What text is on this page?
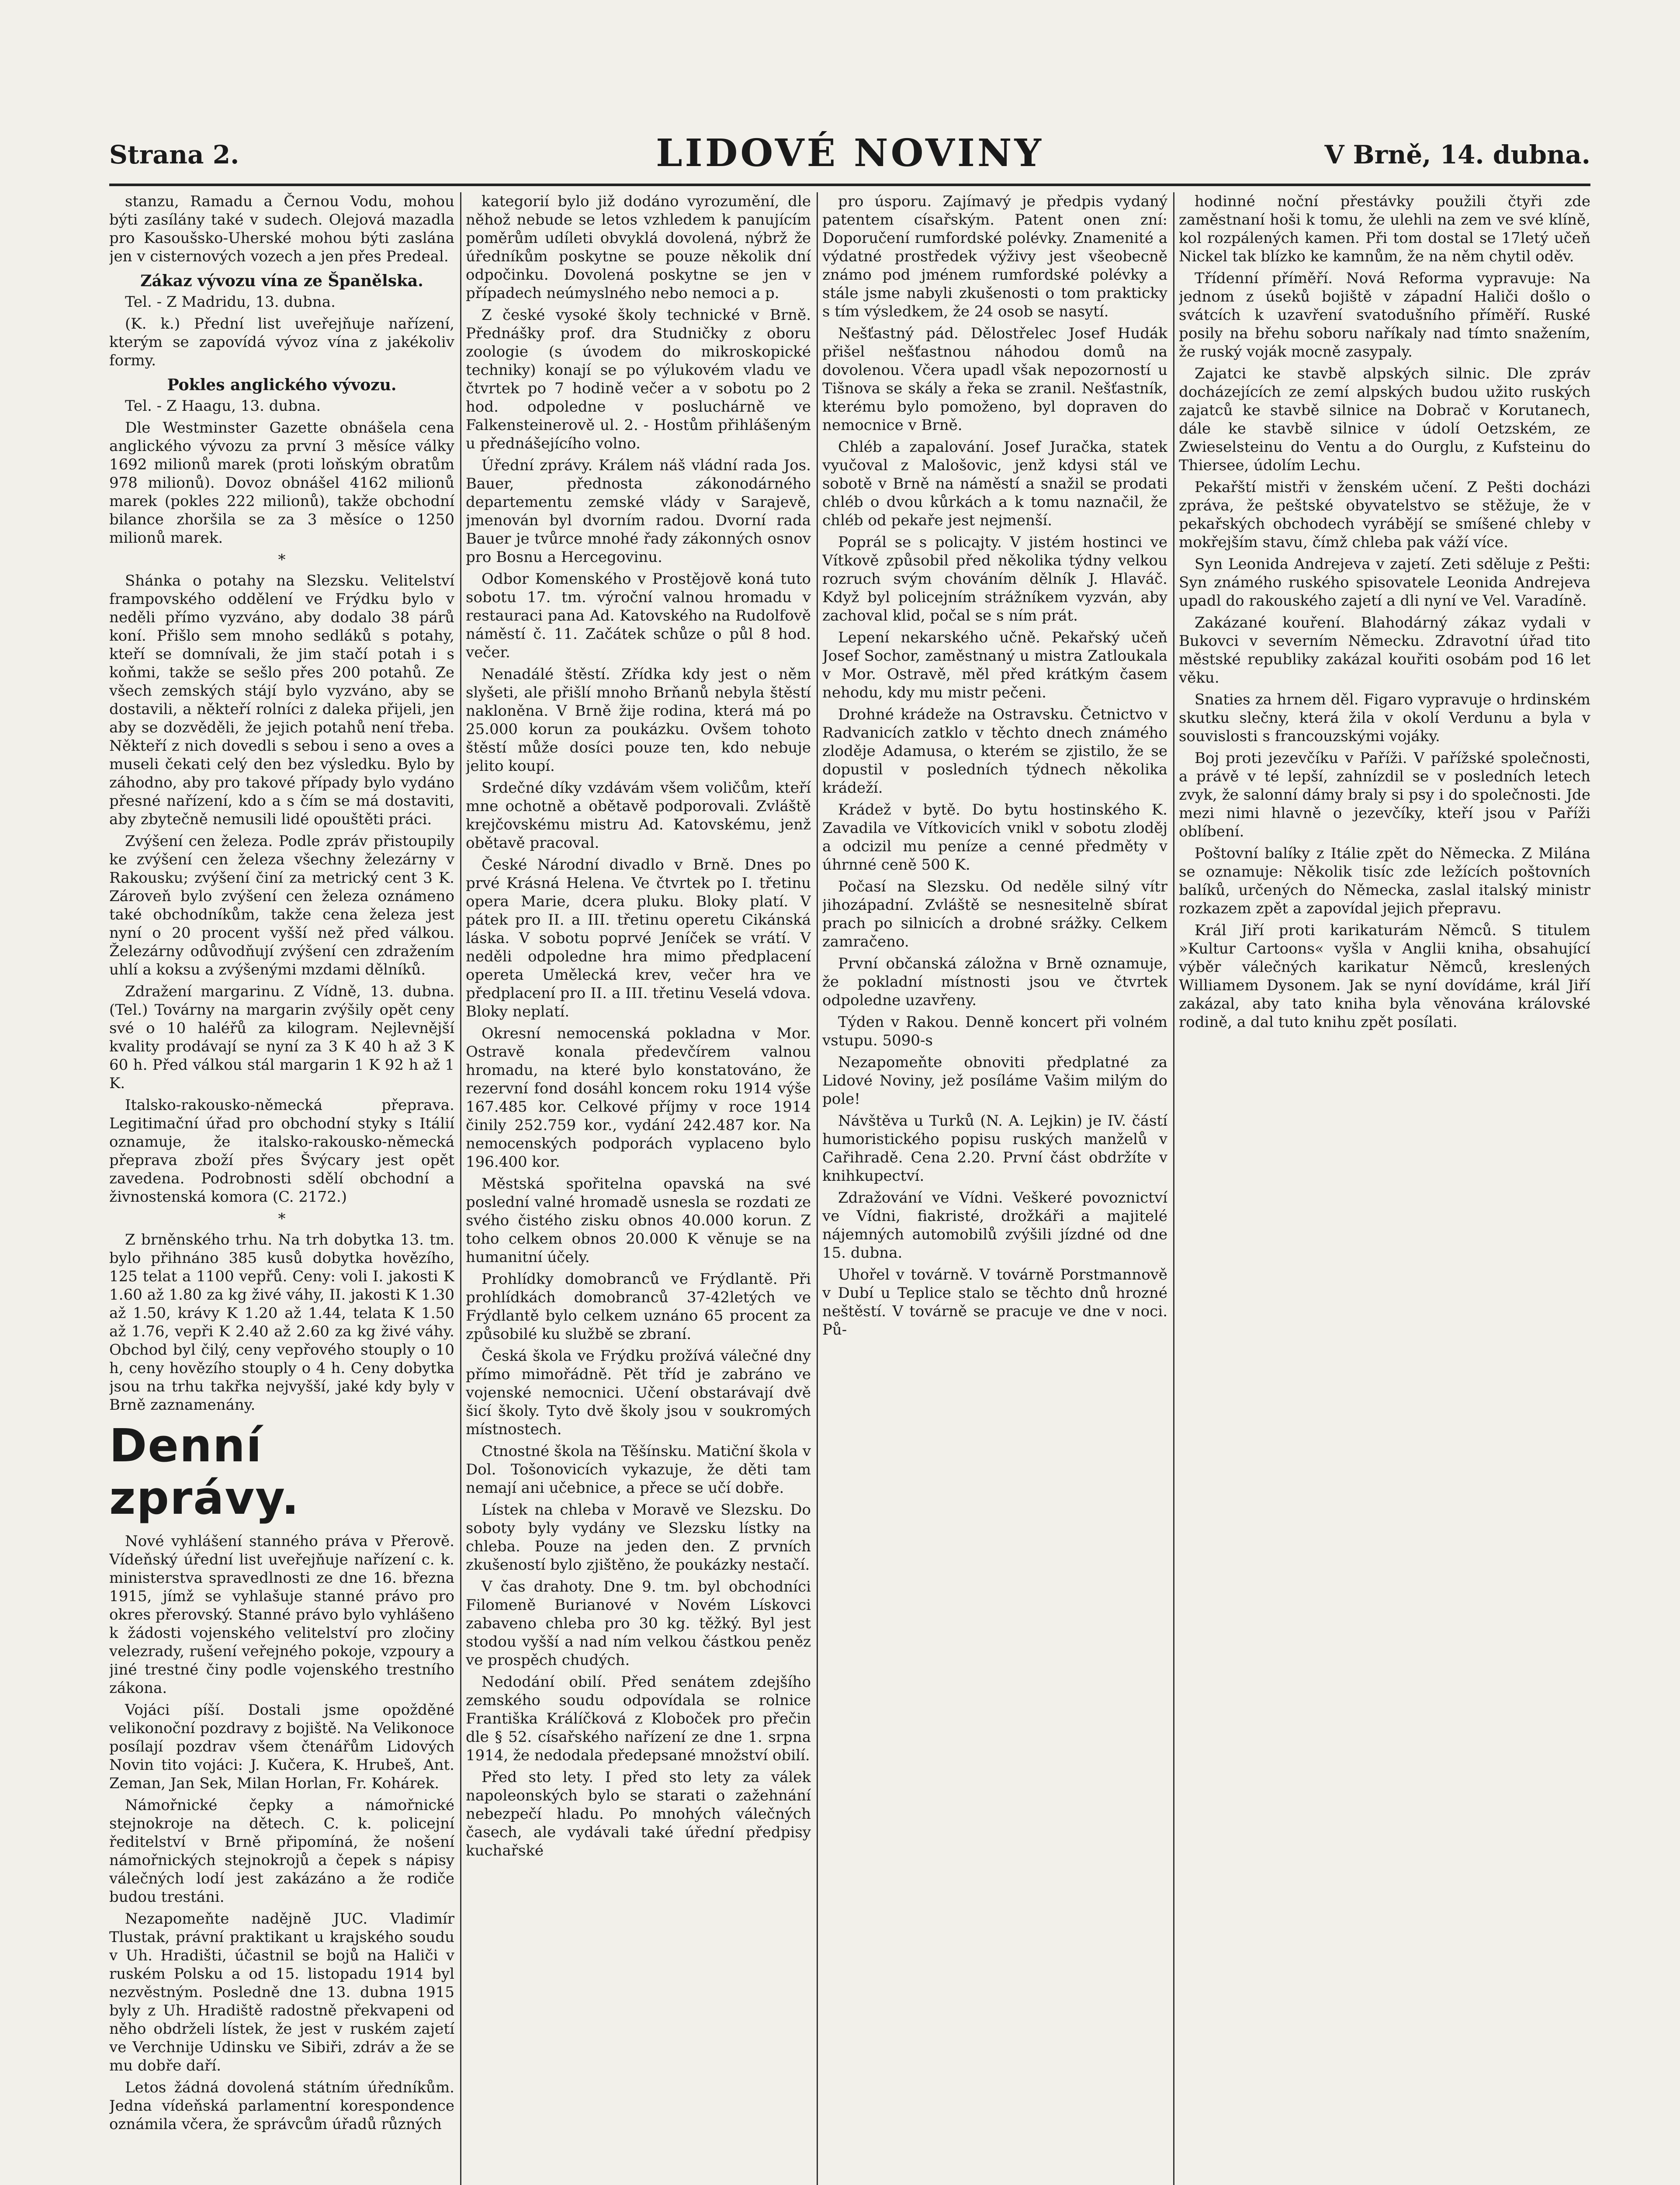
Strana 2.	LIDOVÉ NOVINY	V Brně, 14. dubna.

stanzu, Ramadu a Černou Vodu, mohou býti zasílány také v sudech. Olejová mazadla pro Kasoušsko-Uherské mohou býti zaslána jen v cisternových vozech a jen přes Predeal.

Zákaz vývozu vína ze Španělska.

Tel. - Z Madridu, 13. dubna.

(K. k.) Přední list uveřejňuje nařízení, kterým se zapovídá vývoz vína z jakékoliv formy.

Pokles anglického vývozu.

Tel. - Z Haagu, 13. dubna.

Dle Westminster Gazette obnášela cena anglického vývozu za první 3 měsíce války 1692 milionů marek (proti loňským obratům 978 milionů). Dovoz obnášel 4162 milionů marek (pokles 222 milionů), takže obchodní bilance zhoršila se za 3 měsíce o 1250 milionů marek.

*

Shánka o potahy na Slezsku. Velitelství frampovského oddělení ve Frýdku bylo v neděli přímo vyzváno, aby dodalo 38 párů koní. Přišlo sem mnoho sedláků s potahy, kteří se domnívali, že jim stačí potah i s koňmi, takže se sešlo přes 200 potahů. Ze všech zemských stájí bylo vyzváno, aby se dostavili, a někteří rolníci z daleka přijeli, jen aby se dozvěděli, že jejich potahů není třeba. Někteří z nich dovedli s sebou i seno a oves a museli čekati celý den bez výsledku. Bylo by záhodno, aby pro takové případy bylo vydáno přesné nařízení, kdo a s čím se má dostaviti, aby zbytečně nemusili lidé opouštěti práci.

Zvýšení cen železa. Podle zpráv přistoupily ke zvýšení cen železa všechny železárny v Rakousku; zvýšení činí za metrický cent 3 K. Zároveň bylo zvýšení cen železa oznámeno také obchodníkům, takže cena železa jest nyní o 20 procent vyšší než před válkou. Železárny odůvodňují zvýšení cen zdražením uhlí a koksu a zvýšenými mzdami dělníků.

Zdražení margarinu. Z Vídně, 13. dubna. (Tel.) Továrny na margarin zvýšily opět ceny své o 10 haléřů za kilogram. Nejlevnější kvality prodávají se nyní za 3 K 40 h až 3 K 60 h. Před válkou stál margarin 1 K 92 h až 1 K.

Italsko-rakousko-německá přeprava. Legitimační úřad pro obchodní styky s Itálií oznamuje, že italsko-rakousko-německá přeprava zboží přes Švýcary jest opět zavedena. Podrobnosti sdělí obchodní a živnostenská komora (C. 2172.)

*

Z brněnského trhu. Na trh dobytka 13. tm. bylo přihnáno 385 kusů dobytka hovězího, 125 telat a 1100 vepřů. Ceny: voli I. jakosti K 1.60 až 1.80 za kg živé váhy, II. jakosti K 1.30 až 1.50, krávy K 1.20 až 1.44, telata K 1.50 až 1.76, vepři K 2.40 až 2.60 za kg živé váhy. Obchod byl čilý, ceny vepřového stouply o 10 h, ceny hovězího stouply o 4 h. Ceny dobytka jsou na trhu takřka nejvyšší, jaké kdy byly v Brně zaznamenány.

Denní zprávy.

Nové vyhlášení stanného práva v Přerově. Vídeňský úřední list uveřejňuje nařízení c. k. ministerstva spravedlnosti ze dne 16. března 1915, jímž se vyhlašuje stanné právo pro okres přerovský. Stanné právo bylo vyhlášeno k žádosti vojenského velitelství pro zločiny velezrady, rušení veřejného pokoje, vzpoury a jiné trestné činy podle vojenského trestního zákona.

Vojáci píší. Dostali jsme opožděné velikonoční pozdravy z bojiště. Na Velikonoce posílají pozdrav všem čtenářům Lidových Novin tito vojáci: J. Kučera, K. Hrubeš, Ant. Zeman, Jan Sek, Milan Horlan, Fr. Kohárek.

Námořnické čepky a námořnické stejnokroje na dětech. C. k. policejní ředitelství v Brně připomíná, že nošení námořnických stejnokrojů a čepek s nápisy válečných lodí jest zakázáno a že rodiče budou trestáni.

Nezapomeňte nadějně JUC. Vladimír Tlustak, právní praktikant u krajského soudu v Uh. Hradišti, účastnil se bojů na Haliči v ruském Polsku a od 15. listopadu 1914 byl nezvěstným. Posledně dne 13. dubna 1915 byly z Uh. Hradiště radostně překvapeni od něho obdrželi lístek, že jest v ruském zajetí ve Verchnije Udinsku ve Sibiři, zdráv a že se mu dobře daří.

Letos žádná dovolená státním úředníkům. Jedna vídeňská parlamentní korespondence oznámila včera, že správcům úřadů různých

kategorií bylo již dodáno vyrozumění, dle něhož nebude se letos vzhledem k panujícím poměrům udíleti obvyklá dovolená, nýbrž že úředníkům poskytne se pouze několik dní odpočinku. Dovolená poskytne se jen v případech neúmyslného nebo nemoci a p.

Z české vysoké školy technické v Brně. Přednášky prof. dra Studničky z oboru zoologie (s úvodem do mikroskopické techniky) konají se po výlukovém vladu ve čtvrtek po 7 hodině večer a v sobotu po 2 hod. odpoledne v posluchárně ve Falkensteinerově ul. 2. - Hostům přihlášeným u přednášejícího volno.

Úřední zprávy. Králem náš vládní rada Jos. Bauer, přednosta zákonodárného departementu zemské vlády v Sarajevě, jmenován byl dvorním radou. Dvorní rada Bauer je tvůrce mnohé řady zákonných osnov pro Bosnu a Hercegovinu.

Odbor Komenského v Prostějově koná tuto sobotu 17. tm. výroční valnou hromadu v restauraci pana Ad. Katovského na Rudolfově náměstí č. 11. Začátek schůze o půl 8 hod. večer.

Nenadálé štěstí. Zřídka kdy jest o něm slyšeti, ale přišlí mnoho Brňanů nebyla štěstí nakloněna. V Brně žije rodina, která má po 25.000 korun za poukázku. Ovšem tohoto štěstí může dosíci pouze ten, kdo nebuje jelito koupí.

Srdečné díky vzdávám všem voličům, kteří mne ochotně a obětavě podporovali. Zvláště krejčovskému mistru Ad. Katovskému, jenž obětavě pracoval.

České Národní divadlo v Brně. Dnes po prvé Krásná Helena. Ve čtvrtek po I. třetinu opera Marie, dcera pluku. Bloky platí. V pátek pro II. a III. třetinu operetu Cikánská láska. V sobotu poprvé Jeníček se vrátí. V neděli odpoledne hra mimo předplacení opereta Umělecká krev, večer hra ve předplacení pro II. a III. třetinu Veselá vdova. Bloky neplatí.

Okresní nemocenská pokladna v Mor. Ostravě konala předevčírem valnou hromadu, na které bylo konstatováno, že rezervní fond dosáhl koncem roku 1914 výše 167.485 kor. Celkové příjmy v roce 1914 činily 252.759 kor., vydání 242.487 kor. Na nemocenských podporách vyplaceno bylo 196.400 kor.

Městská spořitelna opavská na své poslední valné hromadě usnesla se rozdati ze svého čistého zisku obnos 40.000 korun. Z toho celkem obnos 20.000 K věnuje se na humanitní účely.

Prohlídky domobranců ve Frýdlantě. Při prohlídkách domobranců 37-42letých ve Frýdlantě bylo celkem uznáno 65 procent za způsobilé ku službě se zbraní.

Česká škola ve Frýdku prožívá válečné dny přímo mimořádně. Pět tříd je zabráno ve vojenské nemocnici. Učení obstarávají dvě šicí školy. Tyto dvě školy jsou v soukromých místnostech.

Ctnostné škola na Těšínsku. Matiční škola v Dol. Tošonovicích vykazuje, že děti tam nemají ani učebnice, a přece se učí dobře.

Lístek na chleba v Moravě ve Slezsku. Do soboty byly vydány ve Slezsku lístky na chleba. Pouze na jeden den. Z prvních zkušeností bylo zjištěno, že poukázky nestačí.

V čas drahoty. Dne 9. tm. byl obchodníci Filomeně Burianové v Novém Lískovci zabaveno chleba pro 30 kg. těžký. Byl jest stodou vyšší a nad ním velkou částkou peněz ve prospěch chudých.

Nedodání obilí. Před senátem zdejšího zemského soudu odpovídala se rolnice Františka Králíčková z Kloboček pro přečin dle § 52. císařského nařízení ze dne 1. srpna 1914, že nedodala předepsané množství obilí.

Před sto lety. I před sto lety za válek napoleonských bylo se starati o zažehnání nebezpečí hladu. Po mnohých válečných časech, ale vydávali také úřední předpisy kuchařské

pro úsporu. Zajímavý je předpis vydaný patentem císařským. Patent onen zní: Doporučení rumfordské polévky. Znamenité a výdatné prostředek výživy jest všeobecně známo pod jménem rumfordské polévky a stále jsme nabyli zkušenosti o tom prakticky s tím výsledkem, že 24 osob se nasytí.

Nešťastný pád. Dělostřelec Josef Hudák přišel nešťastnou náhodou domů na dovolenou. Včera upadl však nepozorností u Tišnova se skály a řeka se zranil. Nešťastník, kterému bylo pomoženo, byl dopraven do nemocnice v Brně.

Chléb a zapalování. Josef Juračka, statek vyučoval z Malošovic, jenž kdysi stál ve sobotě v Brně na náměstí a snažil se prodati chléb o dvou kůrkách a k tomu naznačil, že chléb od pekaře jest nejmenší.

Poprál se s policajty. V jistém hostinci ve Vítkově způsobil před několika týdny velkou rozruch svým chováním dělník J. Hlaváč. Když byl policejním strážníkem vyzván, aby zachoval klid, počal se s ním prát.

Lepení nekarského učně. Pekařský učeň Josef Sochor, zaměstnaný u mistra Zatloukala v Mor. Ostravě, měl před krátkým časem nehodu, kdy mu mistr pečeni.

Drohné krádeže na Ostravsku. Četnictvo v Radvanicích zatklo v těchto dnech známého zloděje Adamusa, o kterém se zjistilo, že se dopustil v posledních týdnech několika krádeží.

Krádež v bytě. Do bytu hostinského K. Zavadila ve Vítkovicích vnikl v sobotu zloděj a odcizil mu peníze a cenné předměty v úhrnné ceně 500 K.

Počasí na Slezsku. Od neděle silný vítr jihozápadní. Zvláště se nesnesitelně sbírat prach po silnicích a drobné srážky. Celkem zamračeno.

První občanská záložna v Brně oznamuje, že pokladní místnosti jsou ve čtvrtek odpoledne uzavřeny.

Týden v Rakou. Denně koncert při volném vstupu. 5090-s

Nezapomeňte obnoviti předplatné za Lidové Noviny, jež posíláme Vašim milým do pole!

Návštěva u Turků (N. A. Lejkin) je IV. částí humoristického popisu ruských manželů v Cařihradě. Cena 2.20. První část obdržíte v knihkupectví.

Zdražování ve Vídni. Veškeré povoznictví ve Vídni, fiakristé, drožkáři a majitelé nájemných automobilů zvýšili jízdné od dne 15. dubna.

Uhořel v továrně. V továrně Porstmannově v Dubí u Teplice stalo se těchto dnů hrozné neštěstí. V továrně se pracuje ve dne v noci. Pů-

hodinné noční přestávky použili čtyři zde zaměstnaní hoši k tomu, že ulehli na zem ve své klíně, kol rozpálených kamen. Při tom dostal se 17letý učeň Nickel tak blízko ke kamnům, že na něm chytil oděv.

Třídenní příměří. Nová Reforma vypravuje: Na jednom z úseků bojiště v západní Haliči došlo o svátcích k uzavření svatodušního příměří. Ruské posily na břehu soboru naříkaly nad tímto snažením, že ruský voják mocně zasypaly.

Zajatci ke stavbě alpských silnic. Dle zpráv docházejících ze zemí alpských budou užito ruských zajatců ke stavbě silnice na Dobrač v Korutanech, dále ke stavbě silnice v údolí Oetzském, ze Zwieselsteinu do Ventu a do Ourglu, z Kufsteinu do Thiersee, údolím Lechu.

Pekařští mistři v ženském učení. Z Pešti docházi zpráva, že peštské obyvatelstvo se stěžuje, že v pekařských obchodech vyrábějí se smíšené chleby v mokřejším stavu, čímž chleba pak váží více.

Syn Leonida Andrejeva v zajetí. Zeti sděluje z Pešti: Syn známého ruského spisovatele Leonida Andrejeva upadl do rakouského zajetí a dli nyní ve Vel. Varadíně.

Zakázané kouření. Blahodárný zákaz vydali v Bukovci v severním Německu. Zdravotní úřad tito městské republiky zakázal kouřiti osobám pod 16 let věku.

Snaties za hrnem děl. Figaro vypravuje o hrdinském skutku slečny, která žila v okolí Verdunu a byla v souvislosti s francouzskými vojáky.

Boj proti jezevčíku v Paříži. V pařížské společnosti, a právě v té lepší, zahnízdil se v posledních letech zvyk, že salonní dámy braly si psy i do společnosti. Jde mezi nimi hlavně o jezevčíky, kteří jsou v Paříži oblíbení.

Poštovní balíky z Itálie zpět do Německa. Z Milána se oznamuje: Několik tisíc zde ležících poštovních balíků, určených do Německa, zaslal italský ministr rozkazem zpět a zapovídal jejich přepravu.

Král Jiří proti karikaturám Němců. S titulem »Kultur Cartoons« vyšla v Anglii kniha, obsahující výběr válečných karikatur Němců, kreslených Williamem Dysonem. Jak se nyní dovídáme, král Jiří zakázal, aby tato kniha byla věnována královské rodině, a dal tuto knihu zpět posílati.
